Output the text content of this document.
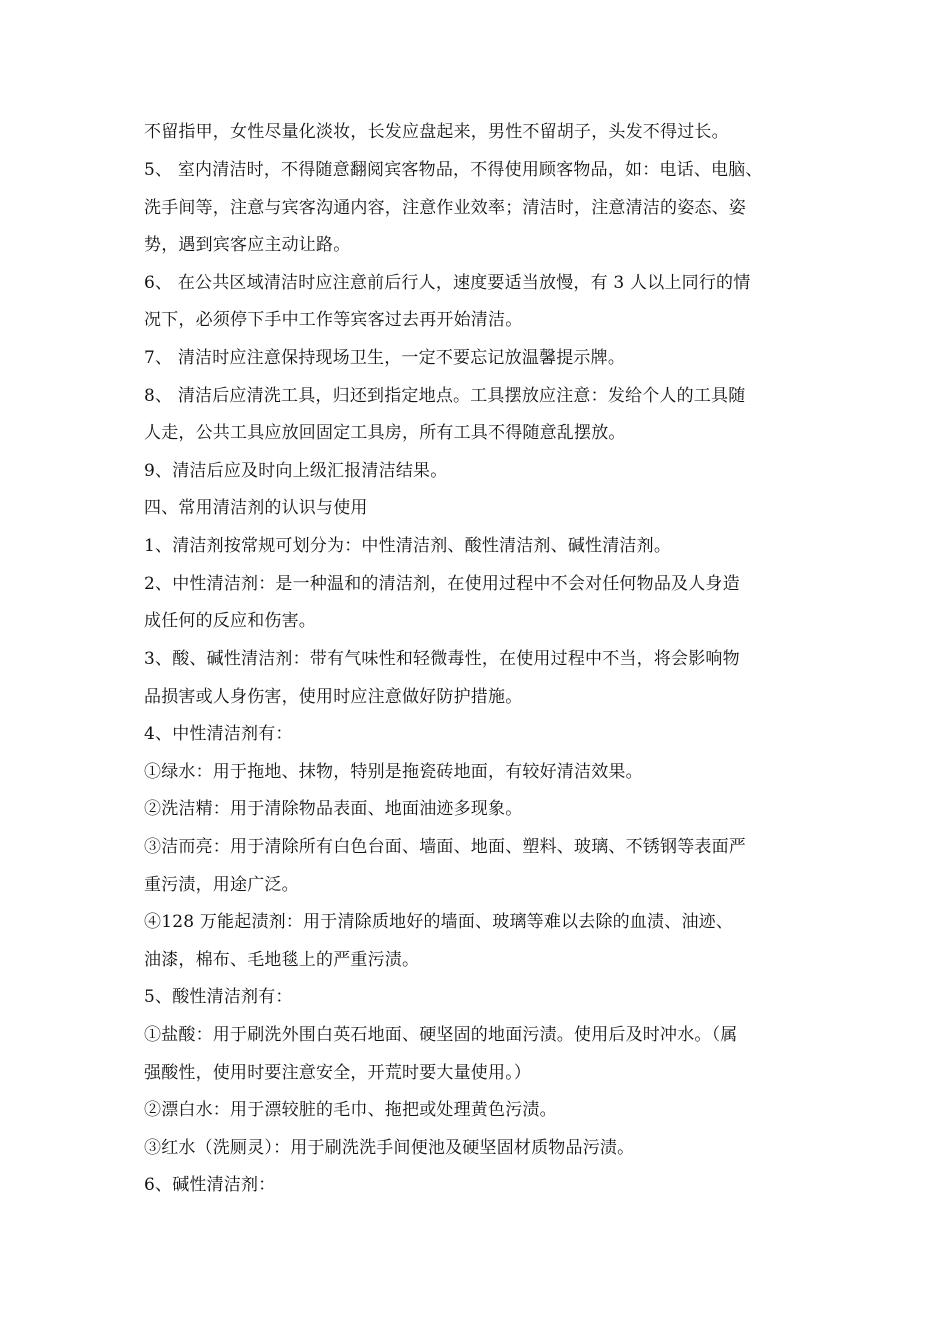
不留指甲，女性尽量化淡妆，长发应盘起来，男性不留胡子，头发不得过长。
5、 室内清洁时，不得随意翻阅宾客物品，不得使用顾客物品，如：电话、电脑、
洗手间等，注意与宾客沟通内容，注意作业效率；清洁时，注意清洁的姿态、姿
势，遇到宾客应主动让路。
6、 在公共区域清洁时应注意前后行人，速度要适当放慢，有 3 人以上同行的情
况下，必须停下手中工作等宾客过去再开始清洁。
7、 清洁时应注意保持现场卫生，一定不要忘记放温馨提示牌。
8、 清洁后应清洗工具，归还到指定地点。工具摆放应注意：发给个人的工具随
人走，公共工具应放回固定工具房，所有工具不得随意乱摆放。
9、清洁后应及时向上级汇报清洁结果。
四、常用清洁剂的认识与使用
1、清洁剂按常规可划分为：中性清洁剂、酸性清洁剂、碱性清洁剂。
2、中性清洁剂：是一种温和的清洁剂，在使用过程中不会对任何物品及人身造
成任何的反应和伤害。
3、酸、碱性清洁剂：带有气味性和轻微毒性，在使用过程中不当，将会影响物
品损害或人身伤害，使用时应注意做好防护措施。
4、中性清洁剂有：
①绿水：用于拖地、抹物，特别是拖瓷砖地面，有较好清洁效果。
②洗洁精：用于清除物品表面、地面油迹多现象。
③洁而亮：用于清除所有白色台面、墙面、地面、塑料、玻璃、不锈钢等表面严
重污渍，用途广泛。
④128 万能起渍剂：用于清除质地好的墙面、玻璃等难以去除的血渍、油迹、
油漆，棉布、毛地毯上的严重污渍。
5、酸性清洁剂有：
①盐酸：用于刷洗外围白英石地面、硬坚固的地面污渍。使用后及时冲水。（属
强酸性，使用时要注意安全，开荒时要大量使用。）
②漂白水：用于漂较脏的毛巾、拖把或处理黄色污渍。
③红水（洗厕灵）：用于刷洗洗手间便池及硬坚固材质物品污渍。
6、碱性清洁剂：
